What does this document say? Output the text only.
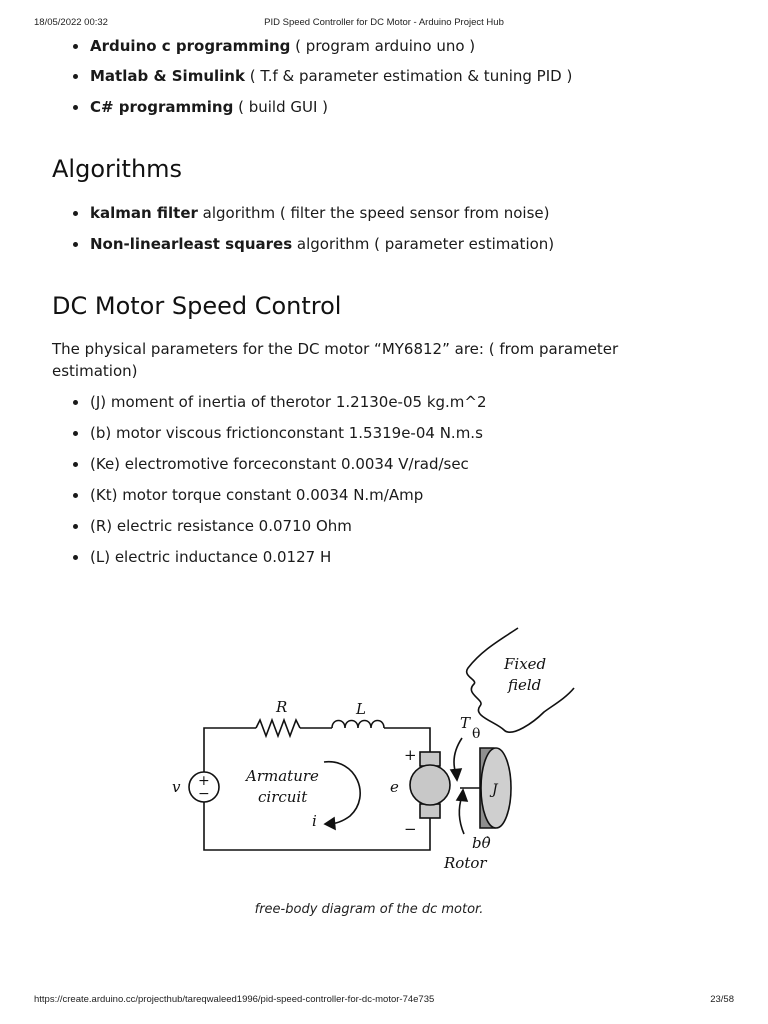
18/05/2022 00:32	PID Speed Controller for DC Motor - Arduino Project Hub
Arduino c programming ( program arduino uno )
Matlab & Simulink ( T.f & parameter estimation & tuning PID )
C# programming ( build GUI )
Algorithms
kalman filter algorithm ( filter the speed sensor from noise)
Non-linearleast squares algorithm ( parameter estimation)
DC Motor Speed Control

The physical parameters for the DC motor “MY6812” are: ( from parameter estimation)

(J) moment of inertia of therotor 1.2130e-05 kg.m^2
(b) motor viscous frictionconstant 1.5319e-04 N.m.s
(Ke) electromotive forceconstant 0.0034 V/rad/sec
(Kt) motor torque constant 0.0034 N.m/Amp
(R) electric resistance 0.0710 Ohm
(L) electric inductance 0.0127 H
Fixed
field
R	L
+
−
v
Armature
circuit
i
+
−
e
T
θ
J
bθ̇
Rotor
free-body diagram of the dc motor.
https://create.arduino.cc/projecthub/tareqwaleed1996/pid-speed-controller-for-dc-motor-74e735	23/58
